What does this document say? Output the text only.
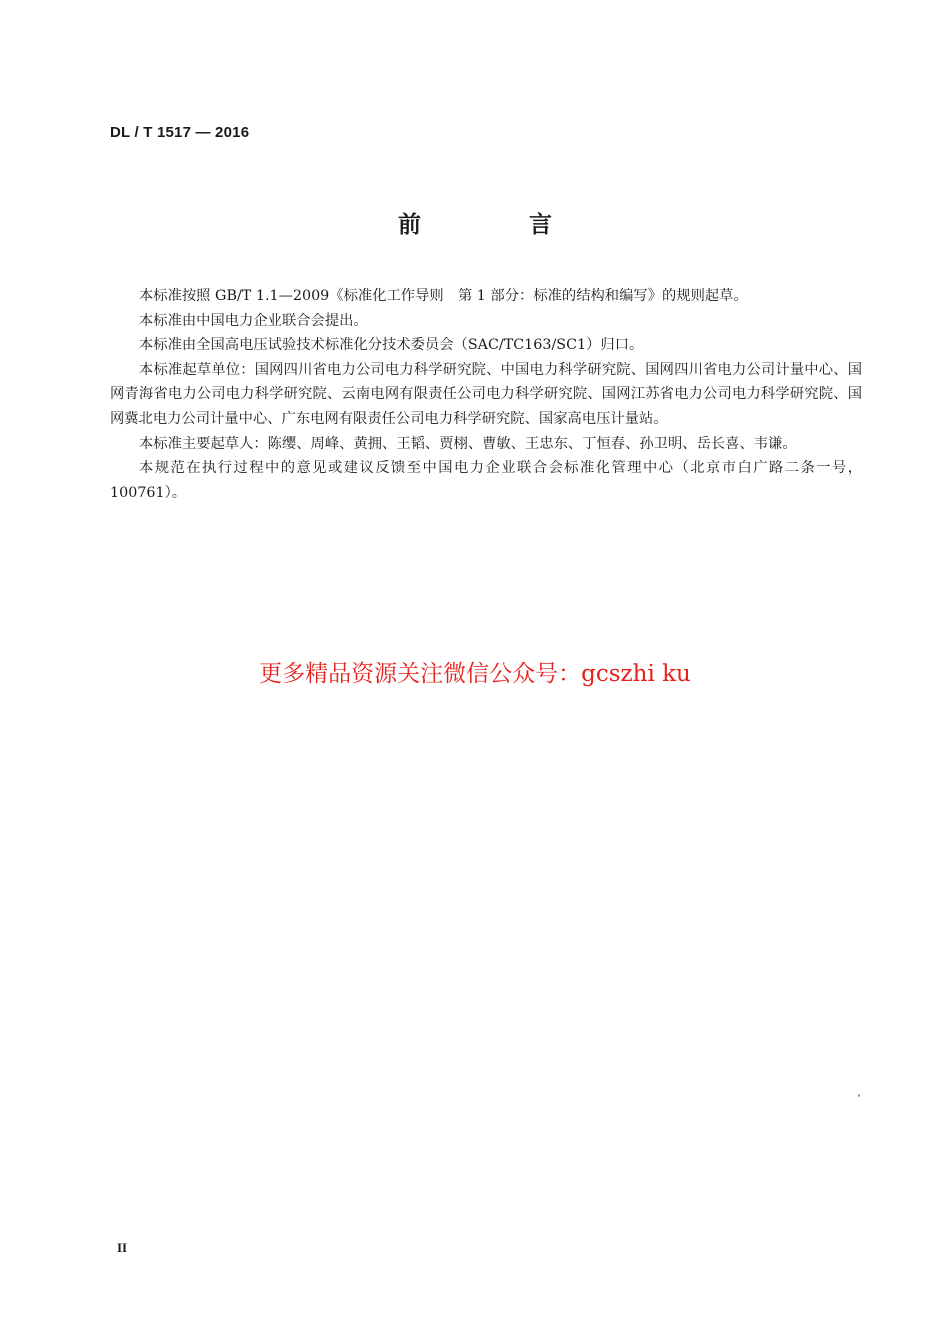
DL / T 1517 — 2016
前 言

本标准按照 GB/T 1.1—2009《标准化工作导则　第 1 部分：标准的结构和编写》的规则起草。

本标准由中国电力企业联合会提出。

本标准由全国高电压试验技术标准化分技术委员会（SAC/TC163/SC1）归口。

本标准起草单位：国网四川省电力公司电力科学研究院、中国电力科学研究院、国网四川省电力公司计量中心、国网青海省电力公司电力科学研究院、云南电网有限责任公司电力科学研究院、国网江苏省电力公司电力科学研究院、国网冀北电力公司计量中心、广东电网有限责任公司电力科学研究院、国家高电压计量站。

本标准主要起草人：陈缨、周峰、黄拥、王韬、贾栩、曹敏、王忠东、丁恒春、孙卫明、岳长喜、韦谦。

本规范在执行过程中的意见或建议反馈至中国电力企业联合会标准化管理中心（北京市白广路二条一号，100761）。

更多精品资源关注微信公众号：gcszhi ku
II
